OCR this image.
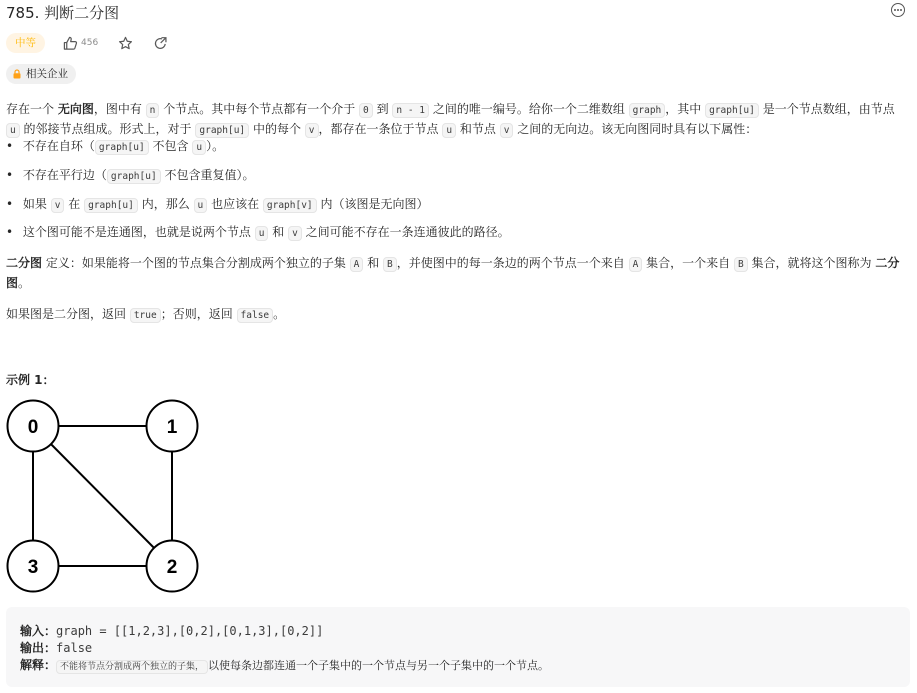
785. 判断二分图
中等	456
相关企业
存在一个 无向图，图中有 n 个节点。其中每个节点都有一个介于 0 到 n - 1 之间的唯一编号。给你一个二维数组 graph ，其中 graph[u] 是一个节点数组，由节点
u 的邻接节点组成。形式上，对于 graph[u] 中的每个 v ，都存在一条位于节点 u 和节点 v 之间的无向边。该无向图同时具有以下属性：
• 不存在自环（ graph[u] 不包含 u ）。
• 不存在平行边（ graph[u] 不包含重复值）。
• 如果 v 在 graph[u] 内，那么 u 也应该在 graph[v] 内（该图是无向图）
• 这个图可能不是连通图，也就是说两个节点 u 和 v 之间可能不存在一条连通彼此的路径。
二分图 定义：如果能将一个图的节点集合分割成两个独立的子集 A 和 B ，并使图中的每一条边的两个节点一个来自 A 集合，一个来自 B 集合，就将这个图称为 二分
图。
如果图是二分图，返回 true ；否则，返回 false 。
示例 1：
0	1
3	2
输入：graph = [[1,2,3],[0,2],[0,1,3],[0,2]]
输出：false
解释： 不能将节点分割成两个独立的子集， 以使每条边都连通一个子集中的一个节点与另一个子集中的一个节点。
